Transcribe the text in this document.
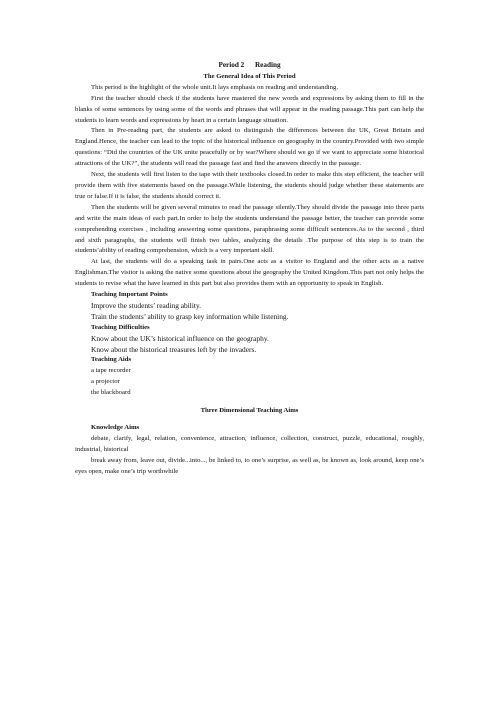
Period 2  Reading

The General Idea of This Period

This period is the highlight of the whole unit.It lays emphasis on reading and understanding.

First the teacher should check if the students have mastered the new words and expressions by asking them to fill in the blanks of some sentences by using some of the words and phrases that will appear in the reading passage.This part can help the students to learn words and expressions by heart in a certain language situation.

Then in Pre-reading part, the students are asked to distinguish the differences between the UK, Great Britain and England.Hence, the teacher can lead to the topic of the historical influence on geography in the country.Provided with two simple questions: “Did the countries of the UK unite peacefully or by war?Where should we go if we want to appreciate some historical attractions of the UK?”, the students will read the passage fast and find the answers directly in the passage.

Next, the students will first listen to the tape with their textbooks closed.In order to make this step efficient, the teacher will provide them with five statements based on the passage.While listening, the students should judge whether these statements are true or false.If it is false, the students should correct it.

Then the students will be given several minutes to read the passage silently.They should divide the passage into three parts and write the main ideas of each part.In order to help the students understand the passage better, the teacher can provide some comprehending exercises , including answering some questions, paraphrasing some difficult sentences.As to the second , third and sixth paragraphs, the students will finish two tables, analyzing the details .The purpose of this step is to train the students’ability of reading comprehension, which is a very important skill.

At last, the students will do a speaking task in pairs.One acts as a visitor to England and the other acts as a native Englishman.The visitor is asking the native some questions about the geography the United Kingdom.This part not only helps the students to revise what the have learned in this part but also provides them with an opportunity to speak in English.

Teaching Important Points

Improve the students’ reading ability.

Train the students’ ability to grasp key information while listening.

Teaching Difficulties

Know about the UK’s historical influence on the geography.

Know about the historical treasures left by the invaders.

Teaching Aids

a tape recorder

a projector

the blackboard

Three Dimensional Teaching Aims

Knowledge Aims

debate, clarify, legal, relation, convenience, attraction, influence, collection, construct, puzzle, educational, roughly, industrial, historical

break away from, leave out, divide...into..., be linked to, to one’s surprise, as well as, be known as, look around, keep one’s eyes open, make one’s trip worthwhile
